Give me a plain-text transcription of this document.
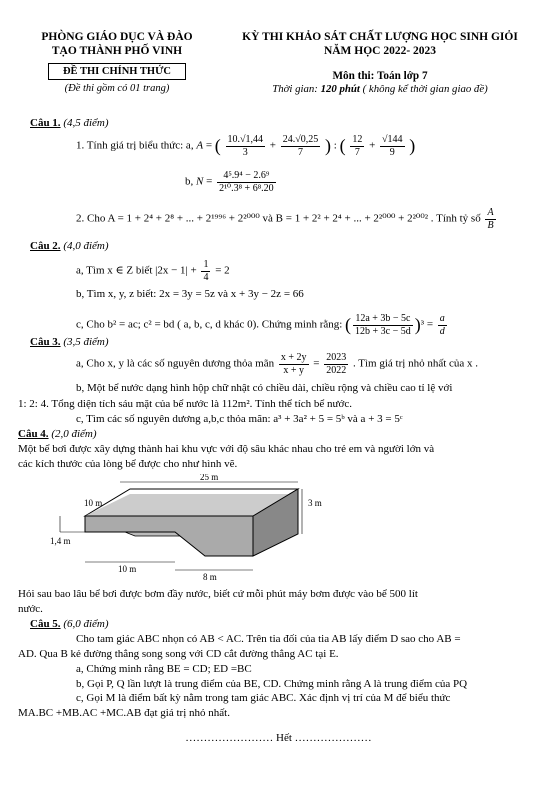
PHÒNG GIÁO DỤC VÀ ĐÀO
TẠO THÀNH PHỐ VINH
ĐỀ THI CHÍNH THỨC
(Đề thi gồm có 01 trang)
KỲ THI KHẢO SÁT CHẤT LƯỢNG HỌC SINH GIỎI
NĂM HỌC 2022- 2023
Môn thi: Toán lớp 7
Thời gian: 120 phút ( không kể thời gian giao đề)
Câu 1. (4,5 điểm)
1. Tính giá trị biểu thức: a, A = ( $\frac{10.√1,44}{3} + \frac{24.√0,25}{7}$ ) : ( $\frac{12}{7} + \frac{√144}{9}$ )
b, $N = \frac{\text{4⁵.9⁴ − 2.6⁹}}{\text{2¹⁰.3⁸ + 6⁸.20}}$
2. Cho A = 1 + 2⁴ + 2⁸ + ... + 2¹⁹⁹⁶ + 2²⁰⁰⁰ và B = 1 + 2² + 2⁴ + ... + 2²⁰⁰⁰ + 2²⁰⁰² . Tính tỷ số $\frac{A}{B}$
Câu 2. (4,0 điểm)
a, Tìm x ∈ Z biết $|2x - 1| + \frac{1}{4} = 2$
b, Tìm x, y, z biết: 2x = 3y = 5z và x + 3y − 2z = 66
c, Cho b² = ac; c² = bd ( a, b, c, d khác 0). Chứng minh rằng: ( $\frac{12a + 3b - 5c}{12b + 3c - 5d} )^3 = \frac{a}{d}$
Câu 3. (3,5 điểm)
a, Cho x, y là các số nguyên dương thỏa mãn $\frac{x + 2y}{x + y} = \frac{2023}{2022}$ . Tìm giá trị nhỏ nhất của x .
b, Một bể nước dạng hình hộp chữ nhật có chiều dài, chiều rộng và chiều cao tỉ lệ với
1: 2: 4. Tổng diện tích sáu mặt của bể nước là 112m². Tính thể tích bể nước.
c, Tìm các số nguyên dương a,b,c thỏa mãn: a³ + 3a² + 5 = 5ᵇ và a + 3 = 5ᶜ
Câu 4. (2,0 điểm)
Một bể bơi được xây dựng thành hai khu vực với độ sâu khác nhau cho trẻ em và người lớn và
các kích thước của lòng bể được cho như hình vẽ.
25 m
10 m	3 m
1,4 m
10 m
8 m
Hỏi sau bao lâu bể bơi được bơm đầy nước, biết cứ mỗi phút máy bơm được vào bể 500 lít
nước.
Câu 5. (6,0 điểm)
Cho tam giác ABC nhọn có AB < AC. Trên tia đối của tia AB lấy điểm D sao cho AB =
AD. Qua B kẻ đường thẳng song song với CD cắt đường thẳng AC tại E.
a, Chứng minh rằng BE = CD; ED =BC
b, Gọi P, Q lần lượt là trung điểm của BE, CD. Chứng minh rằng A là trung điểm của PQ
c, Gọi M là điểm bất kỳ nằm trong tam giác ABC. Xác định vị trí của M để biểu thức
MA.BC +MB.AC +MC.AB đạt giá trị nhỏ nhất.
…………………… Hết …………………
